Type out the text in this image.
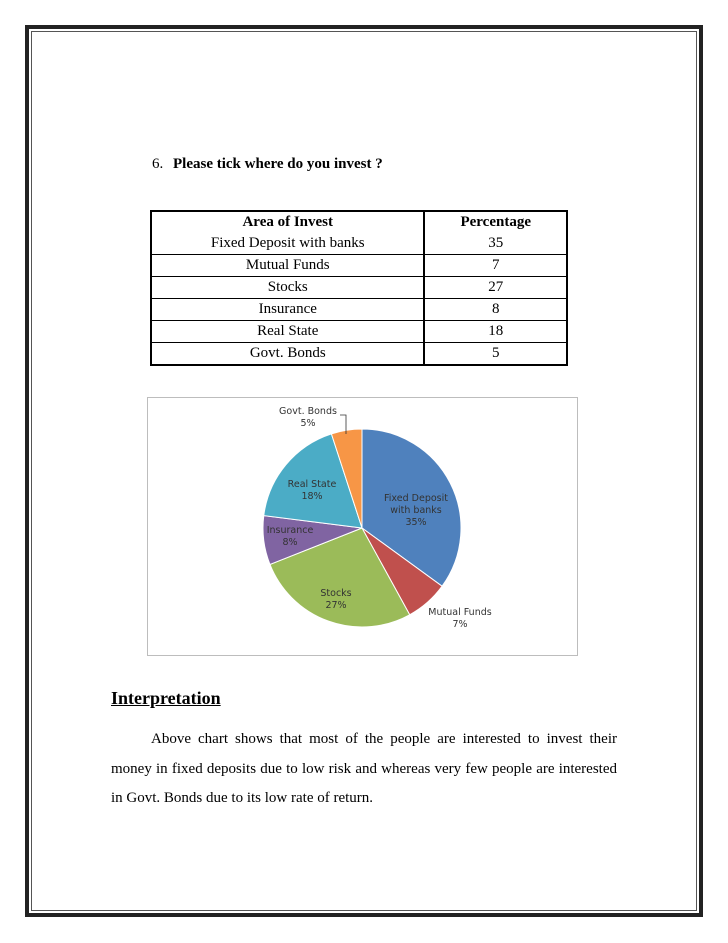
6. Please tick where do you invest ?
Area of Invest	Percentage
Fixed Deposit with banks	35
Mutual Funds	7
Stocks	27
Insurance	8
Real State	18
Govt. Bonds	5
Fixed Deposit with banks 35%
Mutual Funds 7%
Stocks 27%
Insurance 8%
Real State 18%
Govt. Bonds 5%
Interpretation
Above chart shows that most of the people are interested to invest their money in fixed deposits due to low risk and whereas very few people are interested in Govt. Bonds due to its low rate of return.
